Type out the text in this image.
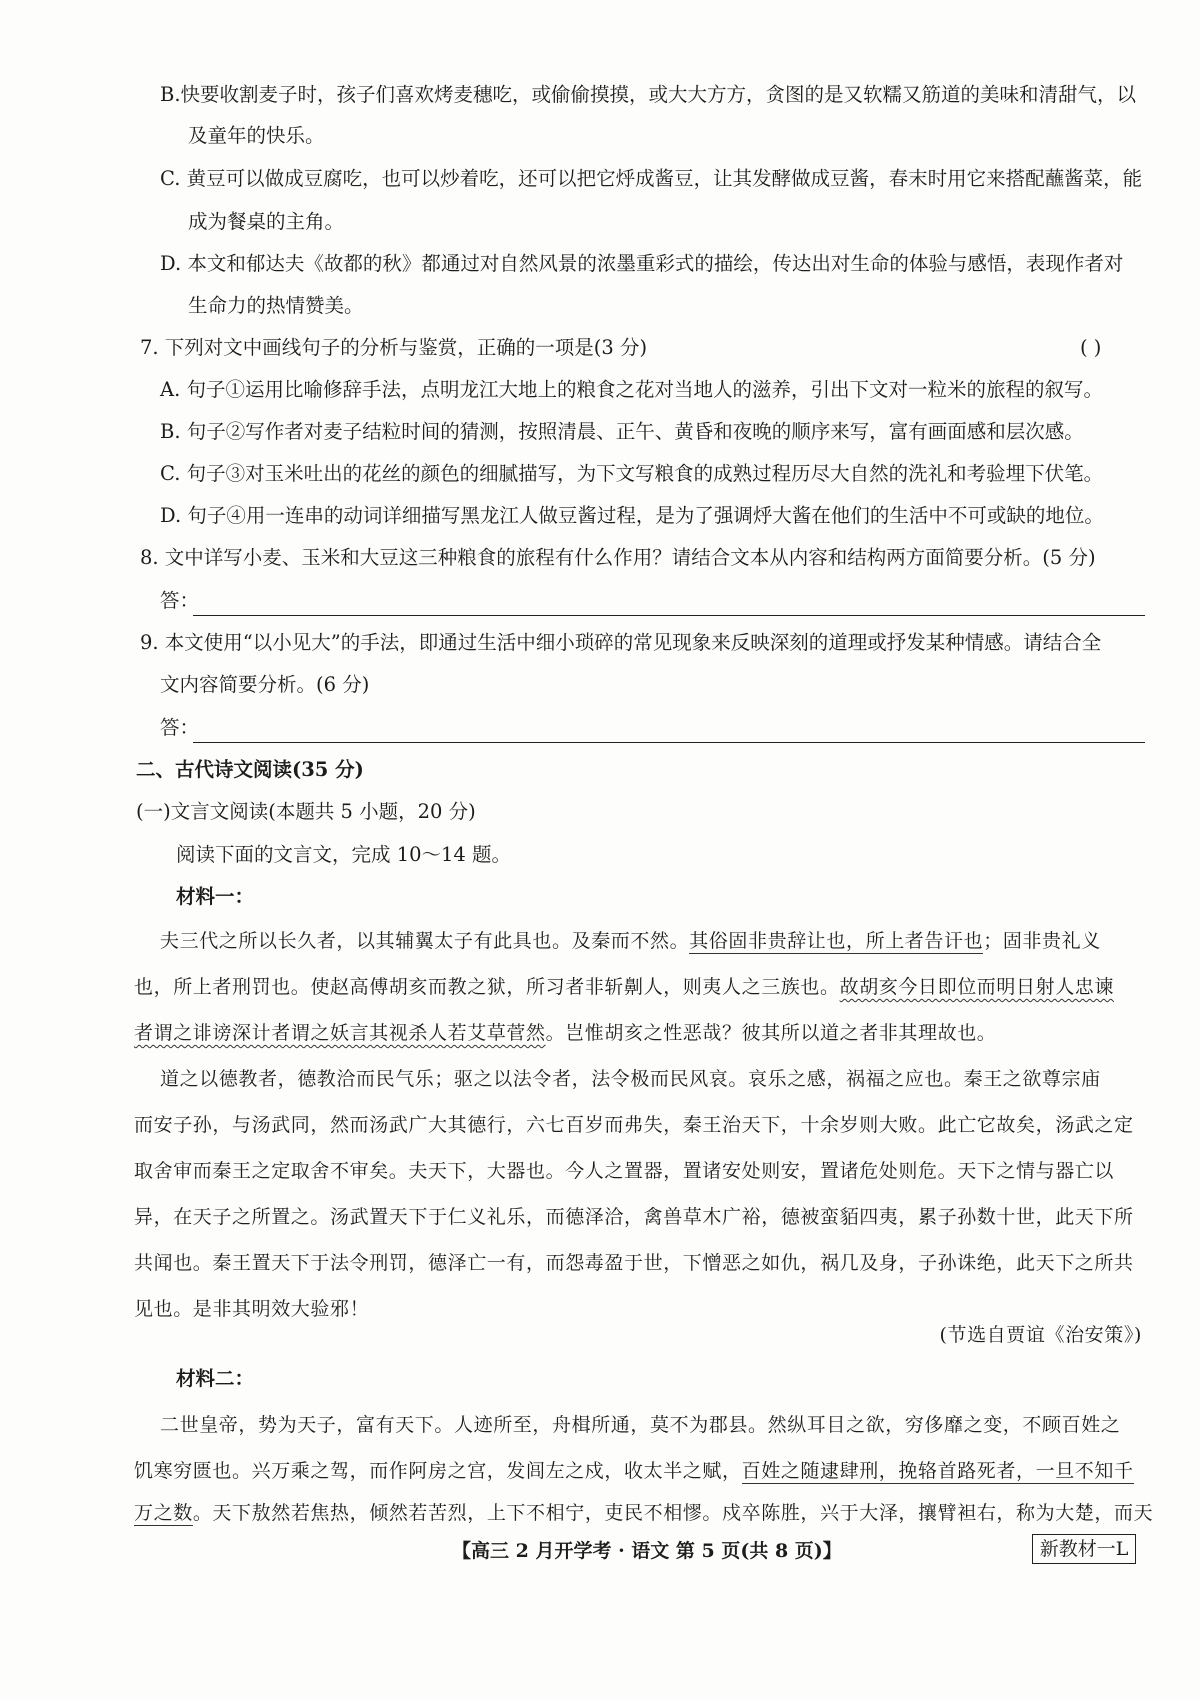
B.快要收割麦子时，孩子们喜欢烤麦穗吃，或偷偷摸摸，或大大方方，贪图的是又软糯又筋道的美味和清甜气，以
及童年的快乐。
C. 黄豆可以做成豆腐吃，也可以炒着吃，还可以把它烀成酱豆，让其发酵做成豆酱，春末时用它来搭配蘸酱菜，能
成为餐桌的主角。
D. 本文和郁达夫《故都的秋》都通过对自然风景的浓墨重彩式的描绘，传达出对生命的体验与感悟，表现作者对
生命力的热情赞美。
7. 下列对文中画线句子的分析与鉴赏，正确的一项是(3 分)	( )
A. 句子①运用比喻修辞手法，点明龙江大地上的粮食之花对当地人的滋养，引出下文对一粒米的旅程的叙写。
B. 句子②写作者对麦子结粒时间的猜测，按照清晨、正午、黄昏和夜晚的顺序来写，富有画面感和层次感。
C. 句子③对玉米吐出的花丝的颜色的细腻描写，为下文写粮食的成熟过程历尽大自然的洗礼和考验埋下伏笔。
D. 句子④用一连串的动词详细描写黑龙江人做豆酱过程，是为了强调烀大酱在他们的生活中不可或缺的地位。
8. 文中详写小麦、玉米和大豆这三种粮食的旅程有什么作用？请结合文本从内容和结构两方面简要分析。(5 分)
答：
9. 本文使用“以小见大”的手法，即通过生活中细小琐碎的常见现象来反映深刻的道理或抒发某种情感。请结合全
文内容简要分析。(6 分)
答：
二、古代诗文阅读(35 分)
(一)文言文阅读(本题共 5 小题，20 分)
阅读下面的文言文，完成 10～14 题。
材料一：
夫三代之所以长久者，以其辅翼太子有此具也。及秦而不然。其俗固非贵辞让也，所上者告讦也；固非贵礼义
也，所上者刑罚也。使赵高傅胡亥而教之狱，所习者非斩劓人，则夷人之三族也。故胡亥今日即位而明日射人忠谏
者谓之诽谤深计者谓之妖言其视杀人若艾草菅然。岂惟胡亥之性恶哉？彼其所以道之者非其理故也。
道之以德教者，德教洽而民气乐；驱之以法令者，法令极而民风哀。哀乐之感，祸福之应也。秦王之欲尊宗庙
而安子孙，与汤武同，然而汤武广大其德行，六七百岁而弗失，秦王治天下，十余岁则大败。此亡它故矣，汤武之定
取舍审而秦王之定取舍不审矣。夫天下，大器也。今人之置器，置诸安处则安，置诸危处则危。天下之情与器亡以
异，在天子之所置之。汤武置天下于仁义礼乐，而德泽洽，禽兽草木广裕，德被蛮貊四夷，累子孙数十世，此天下所
共闻也。秦王置天下于法令刑罚，德泽亡一有，而怨毒盈于世，下憎恶之如仇，祸几及身，子孙诛绝，此天下之所共
见也。是非其明效大验邪！
(节选自贾谊《治安策》)
材料二：
二世皇帝，势为天子，富有天下。人迹所至，舟楫所通，莫不为郡县。然纵耳目之欲，穷侈靡之变，不顾百姓之
饥寒穷匮也。兴万乘之驾，而作阿房之宫，发闾左之戍，收太半之赋，百姓之随逮肆刑，挽辂首路死者，一旦不知千
万之数。天下敖然若焦热，倾然若苦烈，上下不相宁，吏民不相憀。戍卒陈胜，兴于大泽，攘臂袒右，称为大楚，而天
【高三 2 月开学考 · 语文 第 5 页(共 8 页)】	新教材一L
